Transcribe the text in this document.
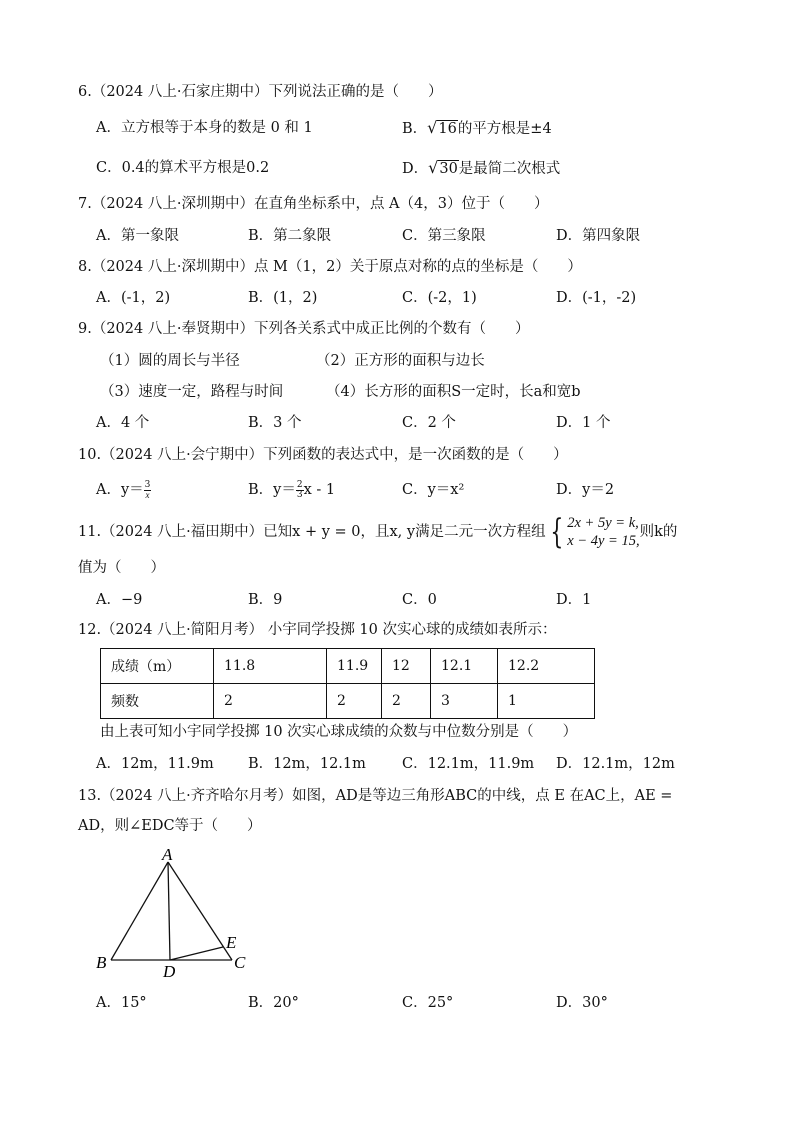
6.（2024 八上·石家庄期中）下列说法正确的是（　　）
A．立方根等于本身的数是 0 和 1	B．√16的平方根是±4
C．0.4的算术平方根是0.2	D．√30是最简二次根式
7.（2024 八上·深圳期中）在直角坐标系中，点 A（4，3）位于（　　）
A．第一象限	B．第二象限	C．第三象限	D．第四象限
8.（2024 八上·深圳期中）点 M（1，2）关于原点对称的点的坐标是（　　）
A．(-1，2)	B．(1，2)	C．(-2，1)	D．(-1，-2)
9.（2024 八上·奉贤期中）下列各关系式中成正比例的个数有（　　）
（1）圆的周长与半径	（2）正方形的面积与边长
（3）速度一定，路程与时间	（4）长方形的面积S一定时，长a和宽b
A．4 个	B．3 个	C．2 个	D．1 个
10.（2024 八上·会宁期中）下列函数的表达式中，是一次函数的是（　　）
A．$y= \frac{3}{x}$	B．$y= \frac{2}{3}$ x - 1	C．y＝x²	D．y＝2
11.（2024 八上·福田期中）已知x + y = 0，且x, y满足二元一次方程组 { 2x + 5y = k,
x − 4y = 15,
则k的
值为（　　）
A．−9	B．9	C．0	D．1
12.（2024 八上·简阳月考） 小宇同学投掷 10 次实心球的成绩如表所示：
成绩（m）	11.8	11.9	12	12.1	12.2
频数	2	2	2	3	1
由上表可知小宇同学投掷 10 次实心球成绩的众数与中位数分别是（　　）
A．12m，11.9m B．12m，12.1m C．12.1m，11.9m D．12.1m，12m
13.（2024 八上·齐齐哈尔月考）如图，AD是等边三角形ABC的中线，点 E 在AC上，AE =
AD，则∠EDC等于（　　）
A
B	C
D
E
A．15°	B．20°	C．25°	D．30°
